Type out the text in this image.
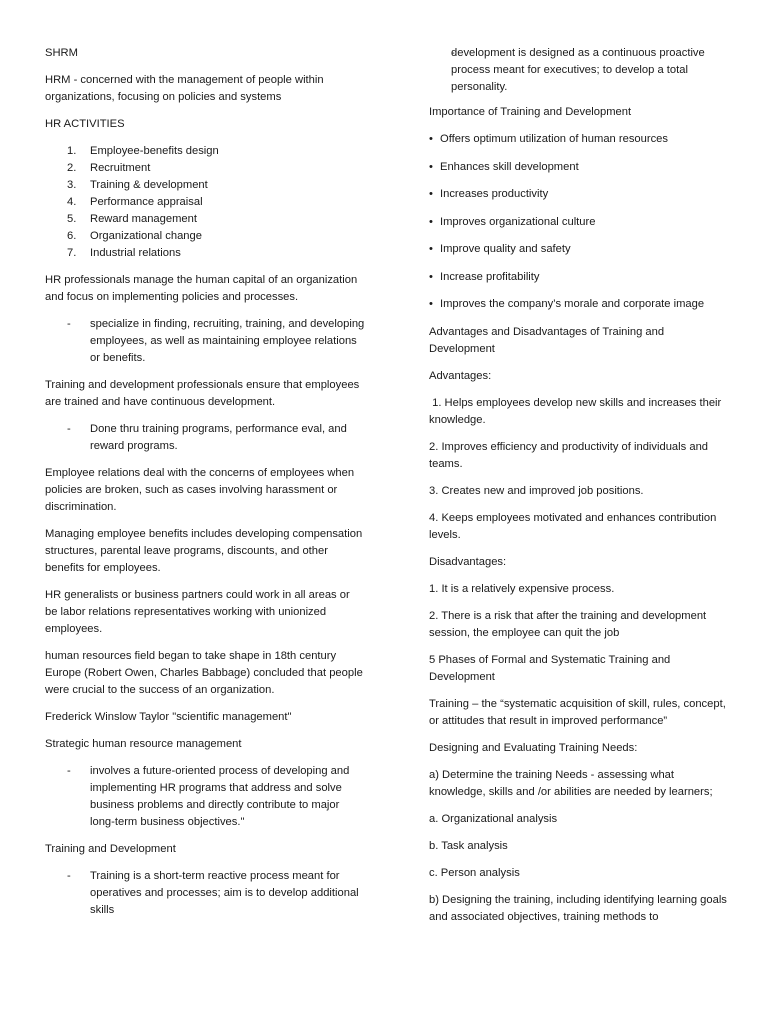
SHRM

HRM - concerned with the management of people within organizations, focusing on policies and systems

HR ACTIVITIES

1. Employee-benefits design
2. Recruitment
3. Training & development
4. Performance appraisal
5. Reward management
6. Organizational change
7. Industrial relations

HR professionals manage the human capital of an organization and focus on implementing policies and processes.

- specialize in finding, recruiting, training, and developing employees, as well as maintaining employee relations or benefits.

Training and development professionals ensure that employees are trained and have continuous development.

- Done thru training programs, performance eval, and reward programs.

Employee relations deal with the concerns of employees when policies are broken, such as cases involving harassment or discrimination.

Managing employee benefits includes developing compensation structures, parental leave programs, discounts, and other benefits for employees.

HR generalists or business partners could work in all areas or be labor relations representatives working with unionized employees.

human resources field began to take shape in 18th century Europe (Robert Owen, Charles Babbage) concluded that people were crucial to the success of an organization.

Frederick Winslow Taylor "scientific management"

Strategic human resource management

- involves a future-oriented process of developing and implementing HR programs that address and solve business problems and directly contribute to major long-term business objectives."

Training and Development

- Training is a short-term reactive process meant for operatives and processes; aim is to develop additional skills
- development is designed as a continuous proactive process meant for executives; to develop a total personality.

Importance of Training and Development

• Offers optimum utilization of human resources
• Enhances skill development
• Increases productivity
• Improves organizational culture
• Improve quality and safety
• Increase profitability
• Improves the company’s morale and corporate image

Advantages and Disadvantages of Training and Development

Advantages:

1. Helps employees develop new skills and increases their knowledge.

2. Improves efficiency and productivity of individuals and teams.

3. Creates new and improved job positions.

4. Keeps employees motivated and enhances contribution levels.

Disadvantages:

1. It is a relatively expensive process.

2. There is a risk that after the training and development session, the employee can quit the job

5 Phases of Formal and Systematic Training and Development

Training – the “systematic acquisition of skill, rules, concept, or attitudes that result in improved performance”

Designing and Evaluating Training Needs:

a) Determine the training Needs - assessing what knowledge, skills and /or abilities are needed by learners;

a. Organizational analysis

b. Task analysis

c. Person analysis

b) Designing the training, including identifying learning goals and associated objectives, training methods to
